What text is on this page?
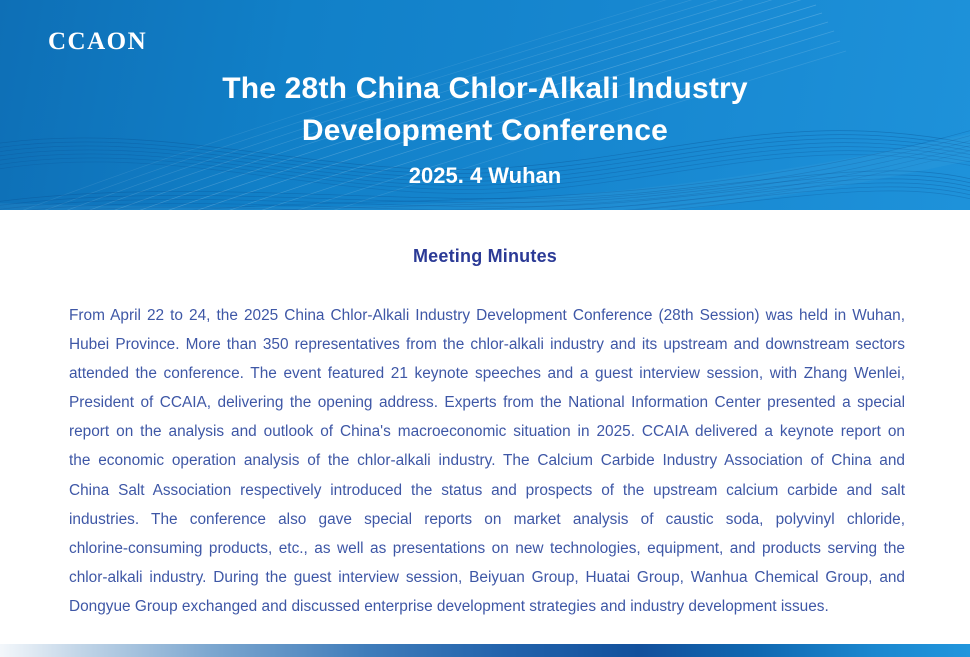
CCAON
The 28th China Chlor-Alkali Industry
Development Conference
2025. 4 Wuhan
Meeting Minutes
From April 22 to 24, the 2025 China Chlor-Alkali Industry Development Conference (28th Session) was held in Wuhan,
Hubei Province. More than 350 representatives from the chlor-alkali industry and its upstream and downstream sectors
attended the conference. The event featured 21 keynote speeches and a guest interview session, with Zhang Wenlei,
President of CCAIA, delivering the opening address. Experts from the National Information Center presented a special
report on the analysis and outlook of China's macroeconomic situation in 2025. CCAIA delivered a keynote report on
the economic operation analysis of the chlor-alkali industry. The Calcium Carbide Industry Association of China and
China Salt Association respectively introduced the status and prospects of the upstream calcium carbide and salt
industries. The conference also gave special reports on market analysis of caustic soda, polyvinyl chloride,
chlorine-consuming products, etc., as well as presentations on new technologies, equipment, and products serving the
chlor-alkali industry. During the guest interview session, Beiyuan Group, Huatai Group, Wanhua Chemical Group, and
Dongyue Group exchanged and discussed enterprise development strategies and industry development issues.
